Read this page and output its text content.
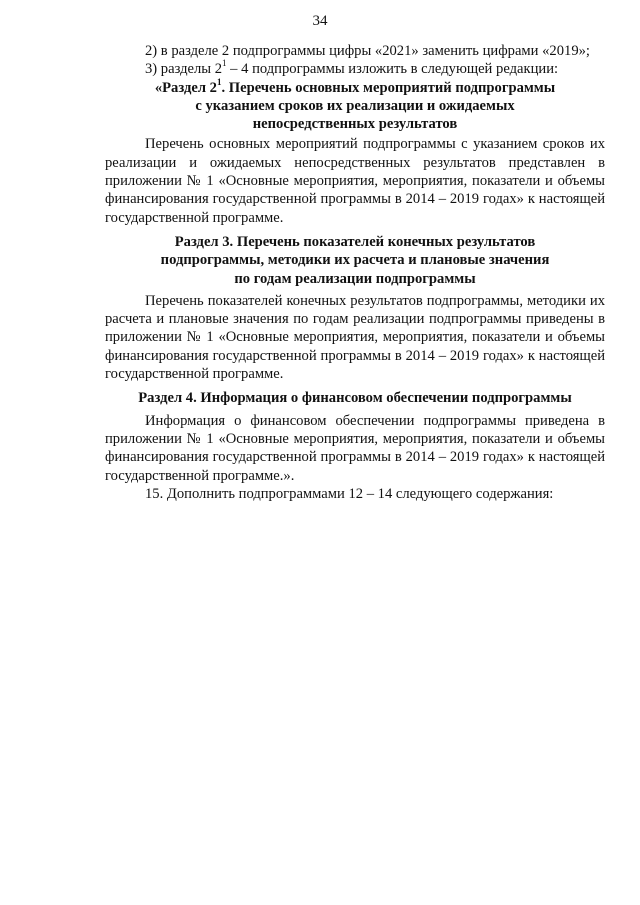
34

2) в разделе 2 подпрограммы цифры «2021» заменить цифрами «2019»;

3) разделы $2^1 - 4$ подпрограммы изложить в следующей редакции:

«Раздел $2^1$. Перечень основных мероприятий подпрограммы
с указанием сроков их реализации и ожидаемых
непосредственных результатов

Перечень основных мероприятий подпрограммы с указанием сроков их реализации и ожидаемых непосредственных результатов представлен в приложении № 1 «Основные мероприятия, мероприятия, показатели и объемы финансирования государственной программы в 2014 – 2019 годах» к настоящей государственной программе.

Раздел 3. Перечень показателей конечных результатов
подпрограммы, методики их расчета и плановые значения
по годам реализации подпрограммы

Перечень показателей конечных результатов подпрограммы, методики их расчета и плановые значения по годам реализации подпрограммы приведены в приложении № 1 «Основные мероприятия, мероприятия, показатели и объемы финансирования государственной программы в 2014 – 2019 годах» к настоящей государственной программе.

Раздел 4. Информация о финансовом обеспечении подпрограммы

Информация о финансовом обеспечении подпрограммы приведена в приложении № 1 «Основные мероприятия, мероприятия, показатели и объемы финансирования государственной программы в 2014 – 2019 годах» к настоящей государственной программе.».

15. Дополнить подпрограммами 12 – 14 следующего содержания:
